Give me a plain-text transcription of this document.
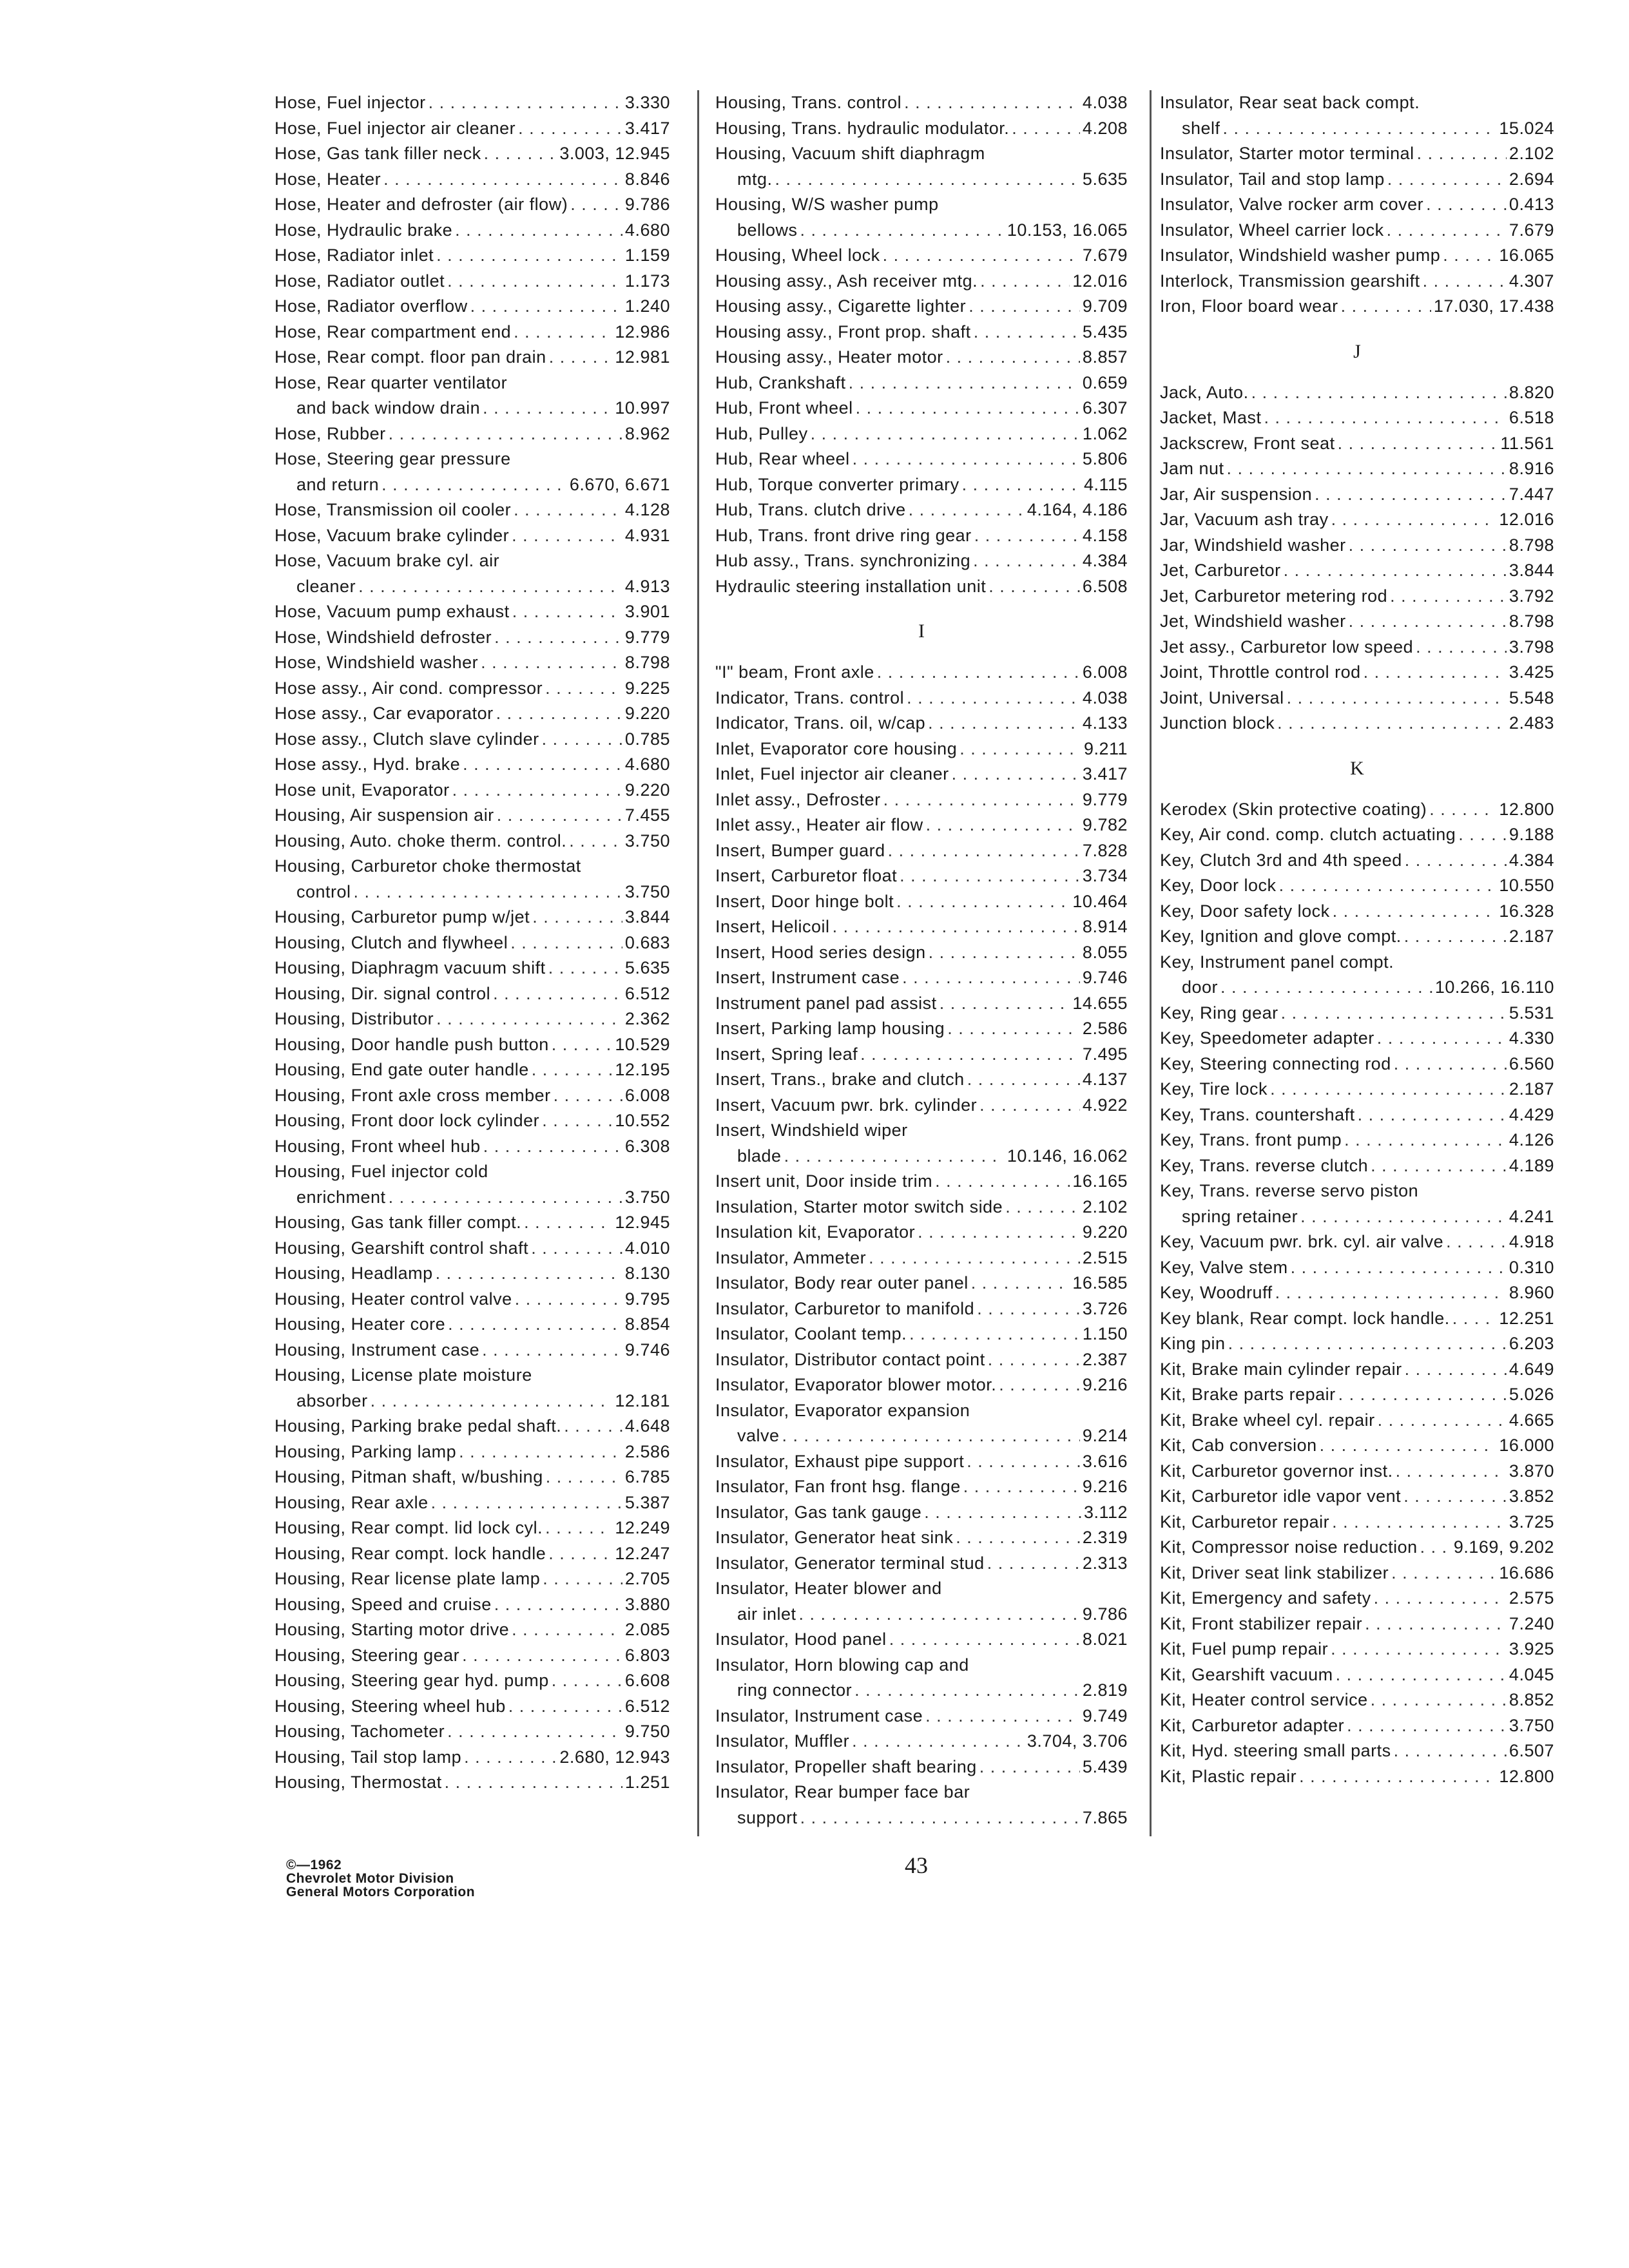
Hose, Fuel injector . . .	3.330
Hose, Fuel injector air cleaner . . .	3.417
Hose, Gas tank filler neck . . .	3.003, 12.945
Hose, Heater . . .	8.846
Hose, Heater and defroster (air flow) . . .	9.786
Hose, Hydraulic brake . . .	4.680
Hose, Radiator inlet . . .	1.159
Hose, Radiator outlet . . .	1.173
Hose, Radiator overflow . . .	1.240
Hose, Rear compartment end . . .	12.986
Hose, Rear compt. floor pan drain . . .	12.981
Hose, Rear quarter ventilator
and back window drain . . .	10.997
Hose, Rubber . . .	8.962
Hose, Steering gear pressure
and return . . .	6.670, 6.671
Hose, Transmission oil cooler . . .	4.128
Hose, Vacuum brake cylinder . . .	4.931
Hose, Vacuum brake cyl. air
cleaner . . .	4.913
Hose, Vacuum pump exhaust . . .	3.901
Hose, Windshield defroster . . .	9.779
Hose, Windshield washer . . .	8.798
Hose assy., Air cond. compressor . . .	9.225
Hose assy., Car evaporator . . .	9.220
Hose assy., Clutch slave cylinder . . .	0.785
Hose assy., Hyd. brake . . .	4.680
Hose unit, Evaporator . . .	9.220
Housing, Air suspension air . . .	7.455
Housing, Auto. choke therm. control. . . .	3.750
Housing, Carburetor choke thermostat
control . . .	3.750
Housing, Carburetor pump w/jet . . .	3.844
Housing, Clutch and flywheel . . .	0.683
Housing, Diaphragm vacuum shift . . .	5.635
Housing, Dir. signal control . . .	6.512
Housing, Distributor . . .	2.362
Housing, Door handle push button . . .	10.529
Housing, End gate outer handle . . .	12.195
Housing, Front axle cross member . . .	6.008
Housing, Front door lock cylinder . . .	10.552
Housing, Front wheel hub . . .	6.308
Housing, Fuel injector cold
enrichment . . .	3.750
Housing, Gas tank filler compt. . . .	12.945
Housing, Gearshift control shaft . . .	4.010
Housing, Headlamp . . .	8.130
Housing, Heater control valve . . .	9.795
Housing, Heater core . . .	8.854
Housing, Instrument case . . .	9.746
Housing, License plate moisture
absorber . . .	12.181
Housing, Parking brake pedal shaft. . . .	4.648
Housing, Parking lamp . . .	2.586
Housing, Pitman shaft, w/bushing . . .	6.785
Housing, Rear axle . . .	5.387
Housing, Rear compt. lid lock cyl. . . .	12.249
Housing, Rear compt. lock handle . . .	12.247
Housing, Rear license plate lamp . . .	2.705
Housing, Speed and cruise . . .	3.880
Housing, Starting motor drive . . .	2.085
Housing, Steering gear . . .	6.803
Housing, Steering gear hyd. pump . . .	6.608
Housing, Steering wheel hub . . .	6.512
Housing, Tachometer . . .	9.750
Housing, Tail stop lamp . . .	2.680, 12.943
Housing, Thermostat . . .	1.251
Housing, Trans. control . . .	4.038
Housing, Trans. hydraulic modulator. . . .	4.208
Housing, Vacuum shift diaphragm
mtg. . . .	5.635
Housing, W/S washer pump
bellows . . .	10.153, 16.065
Housing, Wheel lock . . .	7.679
Housing assy., Ash receiver mtg. . . .	12.016
Housing assy., Cigarette lighter . . .	9.709
Housing assy., Front prop. shaft . . .	5.435
Housing assy., Heater motor . . .	8.857
Hub, Crankshaft . . .	0.659
Hub, Front wheel . . .	6.307
Hub, Pulley . . .	1.062
Hub, Rear wheel . . .	5.806
Hub, Torque converter primary . . .	4.115
Hub, Trans. clutch drive . . .	4.164, 4.186
Hub, Trans. front drive ring gear . . .	4.158
Hub assy., Trans. synchronizing . . .	4.384
Hydraulic steering installation unit . . .	6.508
I
"I" beam, Front axle . . .	6.008
Indicator, Trans. control . . .	4.038
Indicator, Trans. oil, w/cap . . .	4.133
Inlet, Evaporator core housing . . .	9.211
Inlet, Fuel injector air cleaner . . .	3.417
Inlet assy., Defroster . . .	9.779
Inlet assy., Heater air flow . . .	9.782
Insert, Bumper guard . . .	7.828
Insert, Carburetor float . . .	3.734
Insert, Door hinge bolt . . .	10.464
Insert, Helicoil . . .	8.914
Insert, Hood series design . . .	8.055
Insert, Instrument case . . .	9.746
Instrument panel pad assist . . .	14.655
Insert, Parking lamp housing . . .	2.586
Insert, Spring leaf . . .	7.495
Insert, Trans., brake and clutch . . .	4.137
Insert, Vacuum pwr. brk. cylinder . . .	4.922
Insert, Windshield wiper
blade . . .	10.146, 16.062
Insert unit, Door inside trim . . .	16.165
Insulation, Starter motor switch side . . .	2.102
Insulation kit, Evaporator . . .	9.220
Insulator, Ammeter . . .	2.515
Insulator, Body rear outer panel . . .	16.585
Insulator, Carburetor to manifold . . .	3.726
Insulator, Coolant temp. . . .	1.150
Insulator, Distributor contact point . . .	2.387
Insulator, Evaporator blower motor. . . .	9.216
Insulator, Evaporator expansion
valve . . .	9.214
Insulator, Exhaust pipe support . . .	3.616
Insulator, Fan front hsg. flange . . .	9.216
Insulator, Gas tank gauge . . .	3.112
Insulator, Generator heat sink . . .	2.319
Insulator, Generator terminal stud . . .	2.313
Insulator, Heater blower and
air inlet . . .	9.786
Insulator, Hood panel . . .	8.021
Insulator, Horn blowing cap and
ring connector . . .	2.819
Insulator, Instrument case . . .	9.749
Insulator, Muffler . . .	3.704, 3.706
Insulator, Propeller shaft bearing . . .	5.439
Insulator, Rear bumper face bar
support . . .	7.865
Insulator, Rear seat back compt.
shelf . . .	15.024
Insulator, Starter motor terminal . . .	2.102
Insulator, Tail and stop lamp . . .	2.694
Insulator, Valve rocker arm cover . . .	0.413
Insulator, Wheel carrier lock . . .	7.679
Insulator, Windshield washer pump . . .	16.065
Interlock, Transmission gearshift . . .	4.307
Iron, Floor board wear . . .	17.030, 17.438
J
Jack, Auto. . . .	8.820
Jacket, Mast . . .	6.518
Jackscrew, Front seat . . .	11.561
Jam nut . . .	8.916
Jar, Air suspension . . .	7.447
Jar, Vacuum ash tray . . .	12.016
Jar, Windshield washer . . .	8.798
Jet, Carburetor . . .	3.844
Jet, Carburetor metering rod . . .	3.792
Jet, Windshield washer . . .	8.798
Jet assy., Carburetor low speed . . .	3.798
Joint, Throttle control rod . . .	3.425
Joint, Universal . . .	5.548
Junction block . . .	2.483
K
Kerodex (Skin protective coating) . . .	12.800
Key, Air cond. comp. clutch actuating . . .	9.188
Key, Clutch 3rd and 4th speed . . .	4.384
Key, Door lock . . .	10.550
Key, Door safety lock . . .	16.328
Key, Ignition and glove compt. . . .	2.187
Key, Instrument panel compt.
door . . .	10.266, 16.110
Key, Ring gear . . .	5.531
Key, Speedometer adapter . . .	4.330
Key, Steering connecting rod . . .	6.560
Key, Tire lock . . .	2.187
Key, Trans. countershaft . . .	4.429
Key, Trans. front pump . . .	4.126
Key, Trans. reverse clutch . . .	4.189
Key, Trans. reverse servo piston
spring retainer . . .	4.241
Key, Vacuum pwr. brk. cyl. air valve . . .	4.918
Key, Valve stem . . .	0.310
Key, Woodruff . . .	8.960
Key blank, Rear compt. lock handle. . . .	12.251
King pin . . .	6.203
Kit, Brake main cylinder repair . . .	4.649
Kit, Brake parts repair . . .	5.026
Kit, Brake wheel cyl. repair . . .	4.665
Kit, Cab conversion . . .	16.000
Kit, Carburetor governor inst. . . .	3.870
Kit, Carburetor idle vapor vent . . .	3.852
Kit, Carburetor repair . . .	3.725
Kit, Compressor noise reduction . . . 9.169, 9.202
Kit, Driver seat link stabilizer . . .	16.686
Kit, Emergency and safety . . .	2.575
Kit, Front stabilizer repair . . .	7.240
Kit, Fuel pump repair . . .	3.925
Kit, Gearshift vacuum . . .	4.045
Kit, Heater control service . . .	8.852
Kit, Carburetor adapter . . .	3.750
Kit, Hyd. steering small parts . . .	6.507
Kit, Plastic repair . . .	12.800
©—1962
Chevrolet Motor Division
General Motors Corporation
43
